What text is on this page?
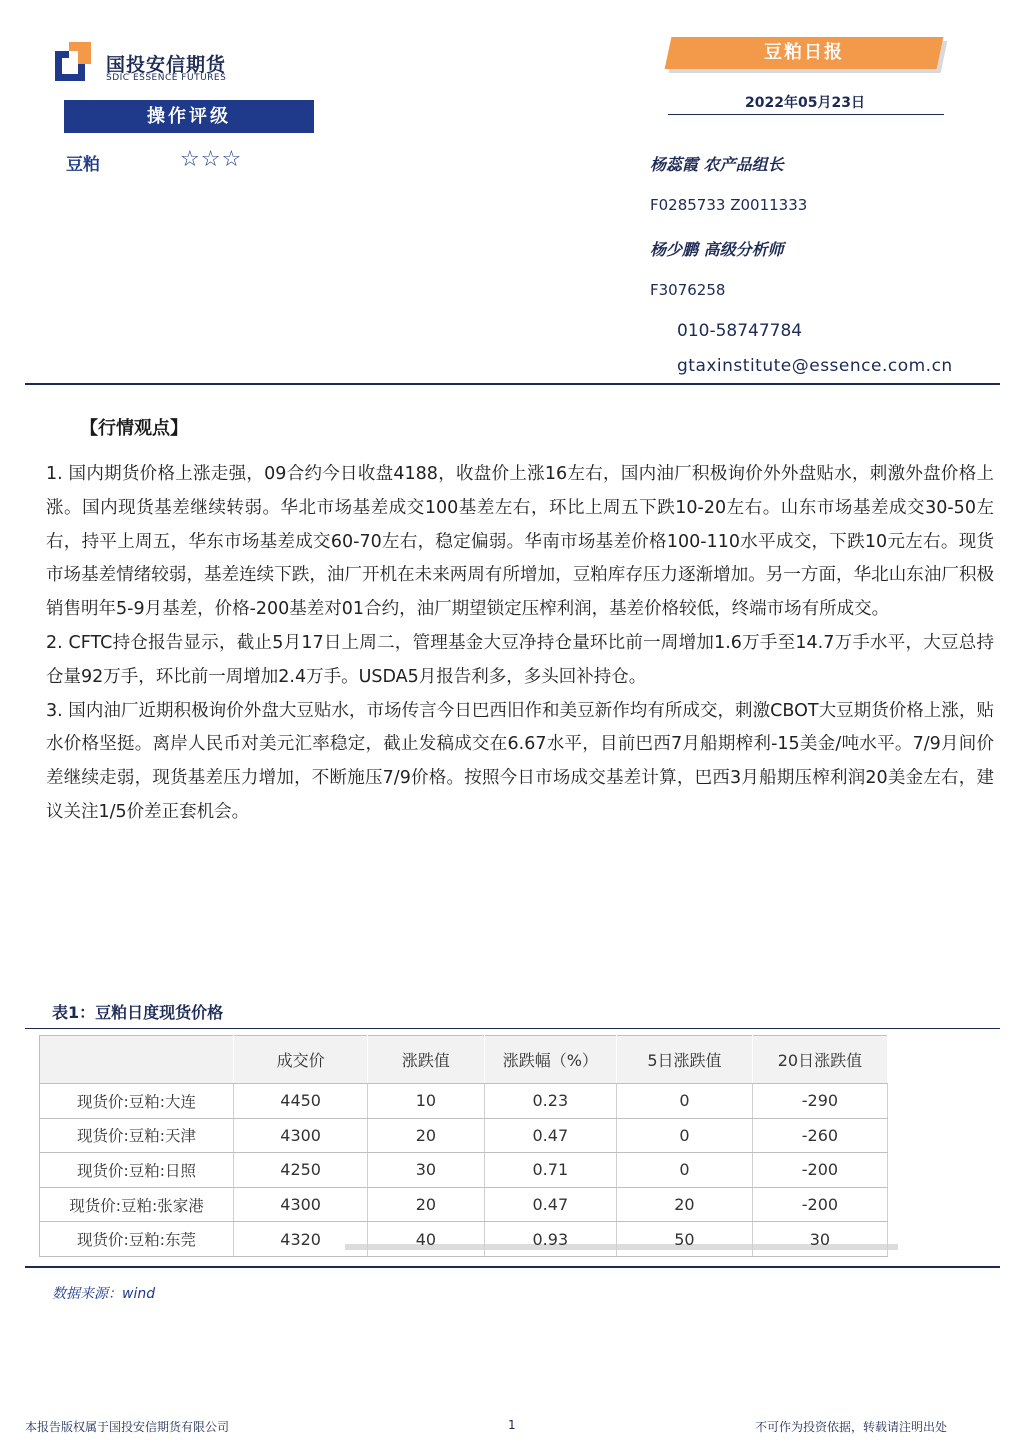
国投安信期货
SDIC ESSENCE FUTURES
豆粕日报
2022年05月23日
操作评级
豆粕	☆☆☆	杨蕊霞 农产品组长
F0285733 Z0011333
杨少鹏 高级分析师
F3076258
010-58747784
gtaxinstitute@essence.com.cn
【行情观点】

1. 国内期货价格上涨走强，09合约今日收盘4188，收盘价上涨16左右，国内油厂积极询价外外盘贴水，刺激外盘价格上涨。国内现货基差继续转弱。华北市场基差成交100基差左右，环比上周五下跌10-20左右。山东市场基差成交30-50左右，持平上周五，华东市场基差成交60-70左右，稳定偏弱。华南市场基差价格100-110水平成交，下跌10元左右。现货市场基差情绪较弱，基差连续下跌，油厂开机在未来两周有所增加，豆粕库存压力逐渐增加。另一方面，华北山东油厂积极销售明年5-9月基差，价格-200基差对01合约，油厂期望锁定压榨利润，基差价格较低，终端市场有所成交。

2. CFTC持仓报告显示，截止5月17日上周二，管理基金大豆净持仓量环比前一周增加1.6万手至14.7万手水平，大豆总持仓量92万手，环比前一周增加2.4万手。USDA5月报告利多，多头回补持仓。

3. 国内油厂近期积极询价外盘大豆贴水，市场传言今日巴西旧作和美豆新作均有所成交，刺激CBOT大豆期货价格上涨，贴水价格坚挺。离岸人民币对美元汇率稳定，截止发稿成交在6.67水平，目前巴西7月船期榨利-15美金/吨水平。7/9月间价差继续走弱，现货基差压力增加，不断施压7/9价格。按照今日市场成交基差计算，巴西3月船期压榨利润20美金左右，建议关注1/5价差正套机会。

表1：豆粕日度现货价格
	成交价	涨跌值	涨跌幅（%）	5日涨跌值	20日涨跌值
现货价:豆粕:大连	4450	10	0.23	0	-290
现货价:豆粕:天津	4300	20	0.47	0	-260
现货价:豆粕:日照	4250	30	0.71	0	-200
现货价:豆粕:张家港	4300	20	0.47	20	-200
现货价:豆粕:东莞	4320	40	0.93	50	30
数据来源：wind
本报告版权属于国投安信期货有限公司	1	不可作为投资依据，转载请注明出处
